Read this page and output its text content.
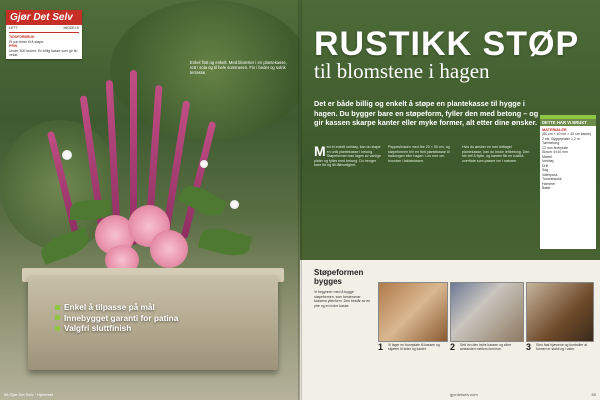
Gjør Det Selv
LETT	MIDDELS
TIDSFORBRUK
Et par timer til å støpe.
PRIS
Under 500 kroner. En billig kasse som gir fin vekst.
Enkel flott og enkelt. Med blomster i en plantekasse, rett i sola og til hele sommeren. Fin i bedet og solrik terrasse.
Enkel å tilpasse på mål
Innebygget garanti for patina
Valgfri sluttfinish
58 Gjør Det Selv · Hjemmet
RUSTIKK STØP
til blomstene i hagen
Det er både billig og enkelt å støpe en plantekasse til hygge i hagen. Du bygger bare en støpeform, fyller den med betong – og gir kassen skarpe kanter eller myke former, alt etter dine ønsker.
M ed et enkelt verktøy, kan du støpe en unik plantekasse i betong. Støpeformen kan lages av vanlige plater og fylles med betong. Du trenger bare tid og litt tålmodighet.
Peppesleasen med fire 20 × 50 cm, og støpeformen blir en flott plantekasse til balkongen eller hagen. Les mer om hvordan i faktaboksen.
Hvis du ønsker en mer lettlaget plantekasse, kan du bruke lettbetong. Den blir lett å flytte, og kanten får en rustikk overflate som passer inn i naturen.
DETTE HAR VI BRUKT
MATERIALER
(80 cm × 40 cm × 40 cm kasse)
2 stk. Byggeplater 1,2 m
Tørrbetong
12 mm finérplate
Skruer 4×40 mm
Mørtel
Verktøy
Drill
Sag
Vaterpass
Tommestokk
Hammer
Bøtte
Støpeformen
bygges
Vi begynner med å bygge støpeformen, som bestemmer kassens ytterform. Den består av en ytre og en indre kasse.
1 Vi lager en bunnplate til kassen og skjærer til sider og kanter.	2 Sett inn den indre kassen og sikre avstanden mellom formene.	3 Skru fast hjørnene og kontroller at formen er stabil og i vater.
gjordetselv.com	59
